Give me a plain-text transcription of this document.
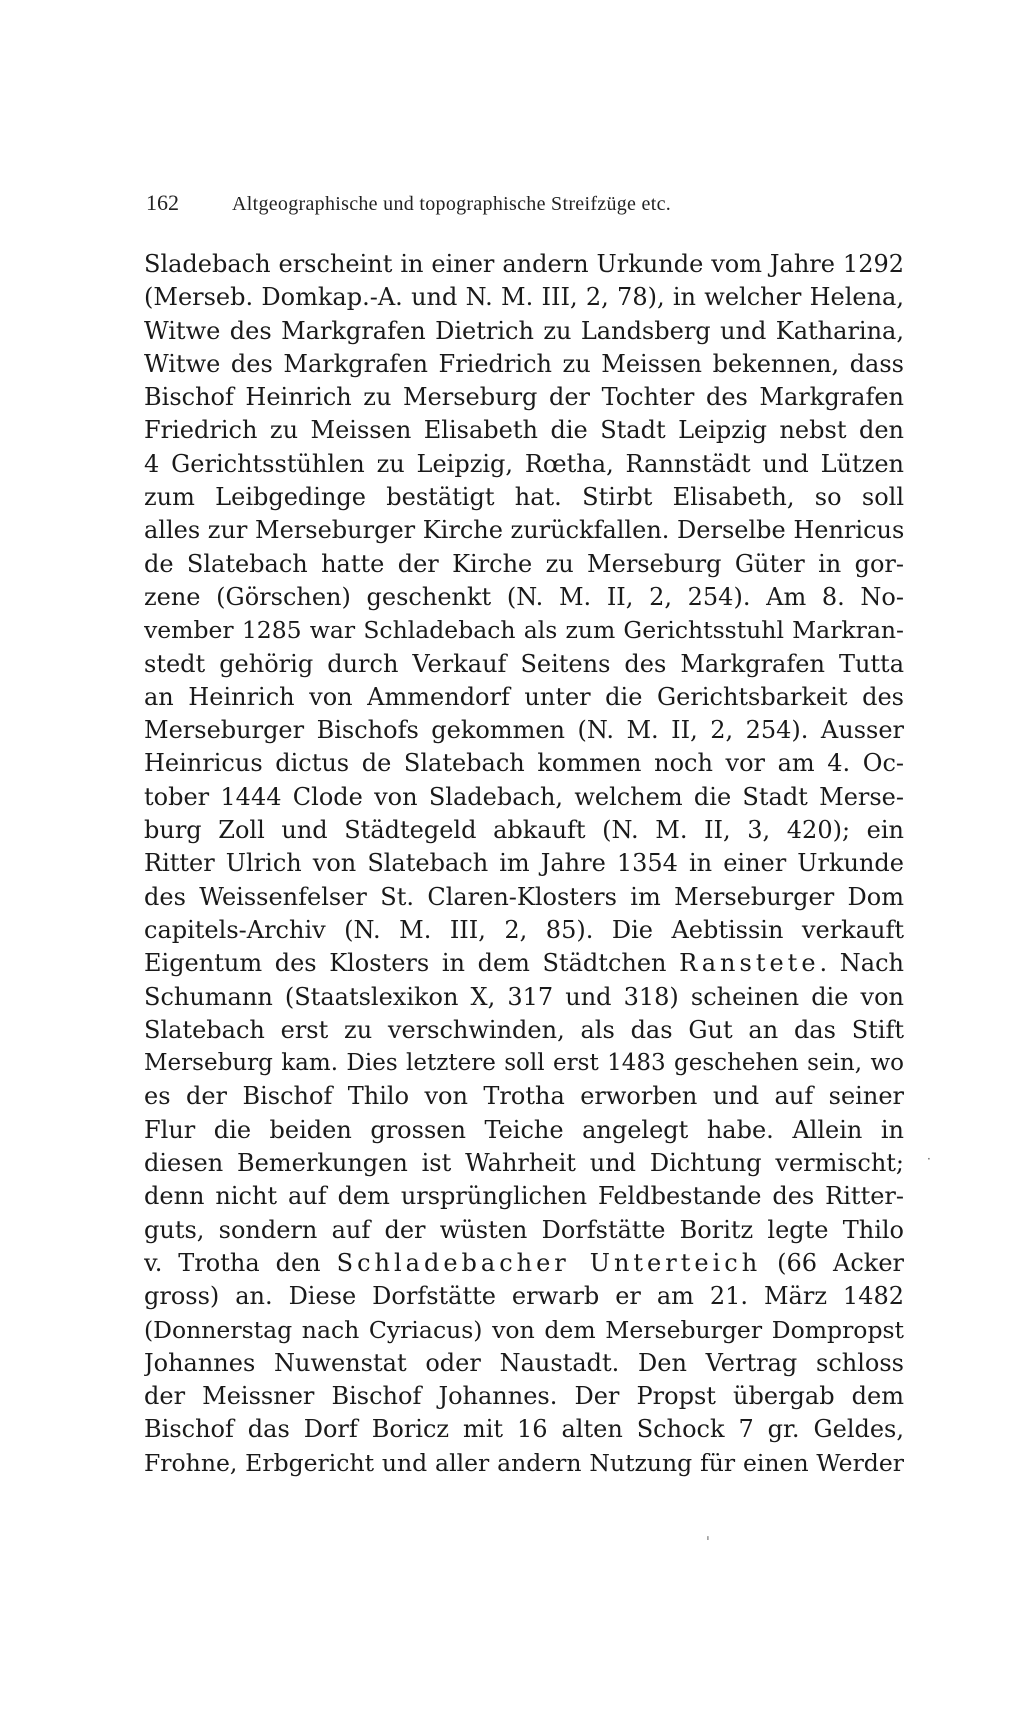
162	Altgeographische und topographische Streifzüge etc.
Sladebach erscheint in einer andern Urkunde vom Jahre 1292
(Merseb. Domkap.-A. und N. M. III, 2, 78), in welcher Helena,
Witwe des Markgrafen Dietrich zu Landsberg und Katharina,
Witwe des Markgrafen Friedrich zu Meissen bekennen, dass
Bischof Heinrich zu Merseburg der Tochter des Markgrafen
Friedrich zu Meissen Elisabeth die Stadt Leipzig nebst den
4 Gerichtsstühlen zu Leipzig, Rœtha, Rannstädt und Lützen
zum Leibgedinge bestätigt hat. Stirbt Elisabeth, so soll
alles zur Merseburger Kirche zurückfallen. Derselbe Henricus
de Slatebach hatte der Kirche zu Merseburg Güter in gor-
zene (Görschen) geschenkt (N. M. II, 2, 254). Am 8. No-
vember 1285 war Schladebach als zum Gerichtsstuhl Markran-
stedt gehörig durch Verkauf Seitens des Markgrafen Tutta
an Heinrich von Ammendorf unter die Gerichtsbarkeit des
Merseburger Bischofs gekommen (N. M. II, 2, 254). Ausser
Heinricus dictus de Slatebach kommen noch vor am 4. Oc-
tober 1444 Clode von Sladebach, welchem die Stadt Merse-
burg Zoll und Städtegeld abkauft (N. M. II, 3, 420); ein
Ritter Ulrich von Slatebach im Jahre 1354 in einer Urkunde
des Weissenfelser St. Claren-Klosters im Merseburger Dom
capitels-Archiv (N. M. III, 2, 85). Die Aebtissin verkauft
Eigentum des Klosters in dem Städtchen Ranstete. Nach
Schumann (Staatslexikon X, 317 und 318) scheinen die von
Slatebach erst zu verschwinden, als das Gut an das Stift
Merseburg kam. Dies letztere soll erst 1483 geschehen sein, wo
es der Bischof Thilo von Trotha erworben und auf seiner
Flur die beiden grossen Teiche angelegt habe. Allein in
diesen Bemerkungen ist Wahrheit und Dichtung vermischt;
denn nicht auf dem ursprünglichen Feldbestande des Ritter-
guts, sondern auf der wüsten Dorfstätte Boritz legte Thilo
v. Trotha den Schladebacher Unterteich (66 Acker
gross) an. Diese Dorfstätte erwarb er am 21. März 1482
(Donnerstag nach Cyriacus) von dem Merseburger Dompropst
Johannes Nuwenstat oder Naustadt. Den Vertrag schloss
der Meissner Bischof Johannes. Der Propst übergab dem
Bischof das Dorf Boricz mit 16 alten Schock 7 gr. Geldes,
Frohne, Erbgericht und aller andern Nutzung für einen Werder
·
ˌ
